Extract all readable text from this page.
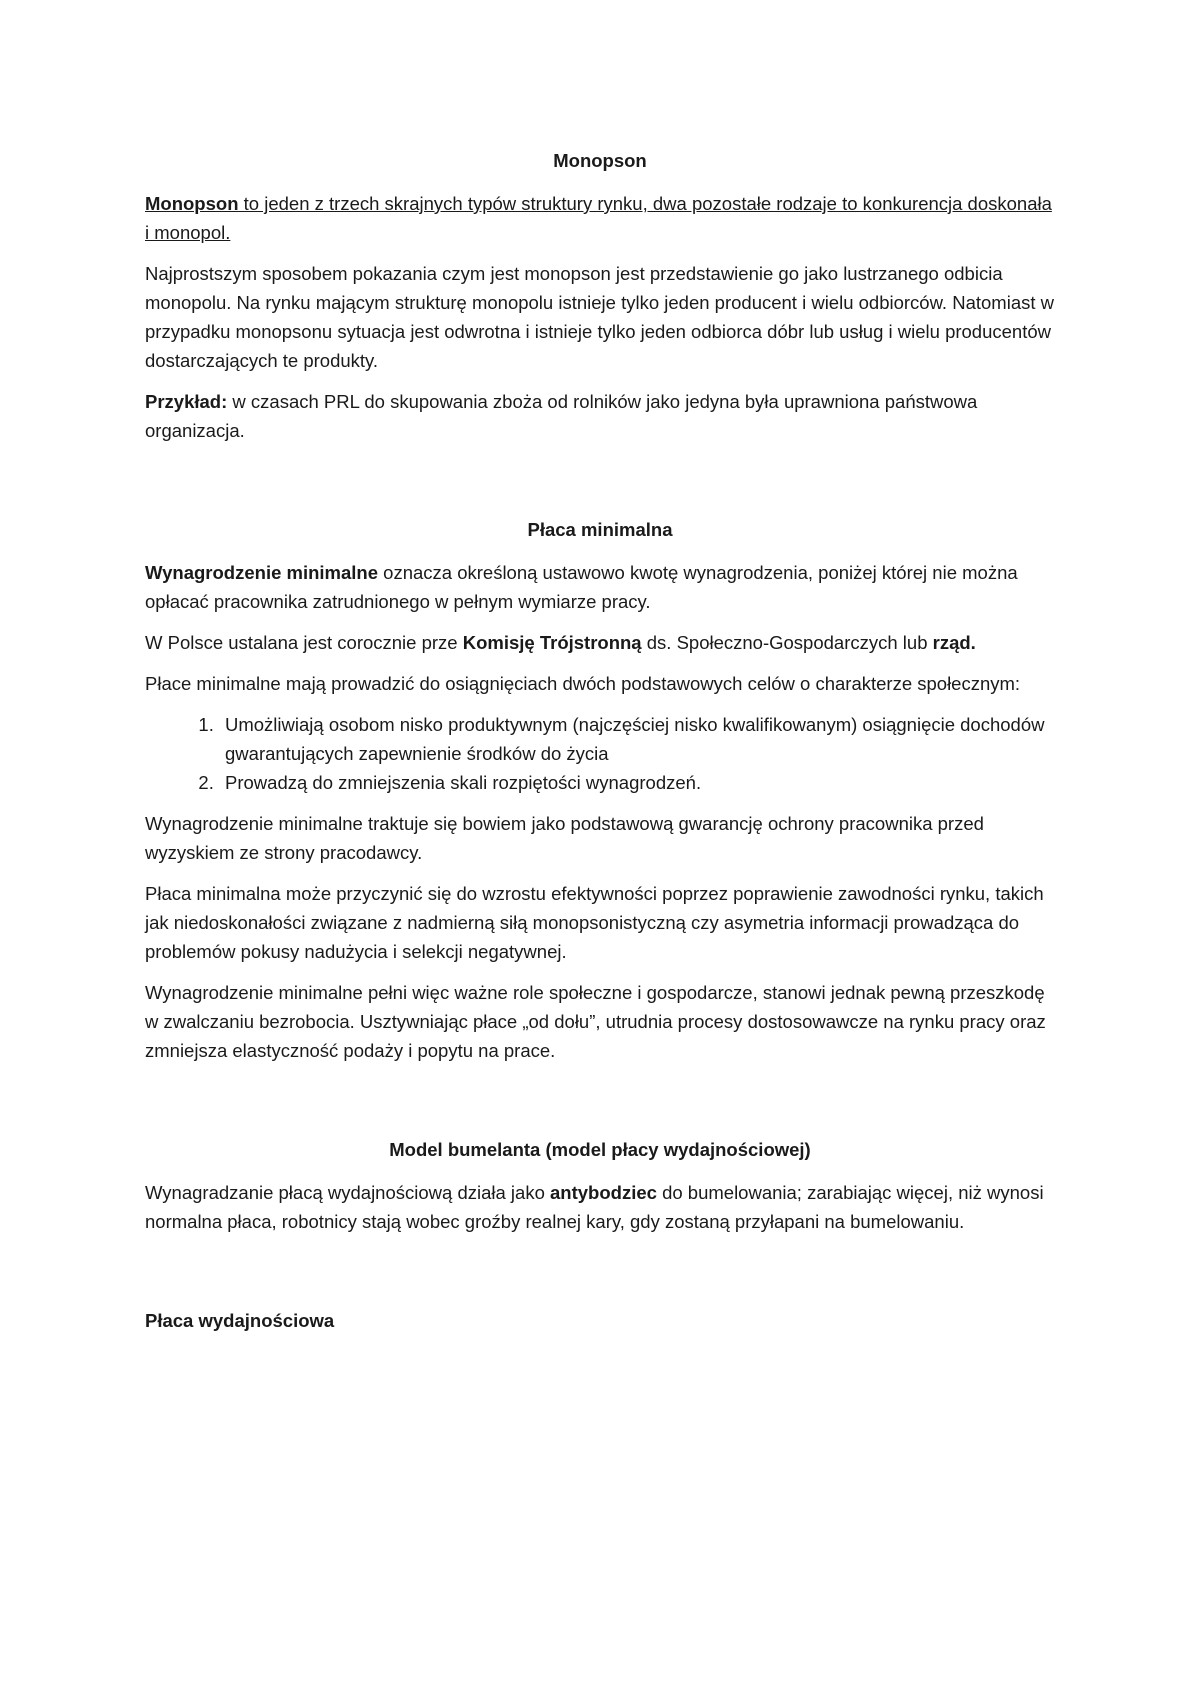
Monopson

Monopson to jeden z trzech skrajnych typów struktury rynku, dwa pozostałe rodzaje to konkurencja doskonała i monopol.

Najprostszym sposobem pokazania czym jest monopson jest przedstawienie go jako lustrzanego odbicia monopolu. Na rynku mającym strukturę monopolu istnieje tylko jeden producent i wielu odbiorców. Natomiast w przypadku monopsonu sytuacja jest odwrotna i istnieje tylko jeden odbiorca dóbr lub usług i wielu producentów dostarczających te produkty.

Przykład: w czasach PRL do skupowania zboża od rolników jako jedyna była uprawniona państwowa organizacja.

Płaca minimalna

Wynagrodzenie minimalne oznacza określoną ustawowo kwotę wynagrodzenia, poniżej której nie można opłacać pracownika zatrudnionego w pełnym wymiarze pracy.

W Polsce ustalana jest corocznie prze Komisję Trójstronną ds. Społeczno-Gospodarczych lub rząd.

Płace minimalne mają prowadzić do osiągnięciach dwóch podstawowych celów o charakterze społecznym:

1. Umożliwiają osobom nisko produktywnym (najczęściej nisko kwalifikowanym) osiągnięcie dochodów gwarantujących zapewnienie środków do życia
2. Prowadzą do zmniejszenia skali rozpiętości wynagrodzeń.

Wynagrodzenie minimalne traktuje się bowiem jako podstawową gwarancję ochrony pracownika przed wyzyskiem ze strony pracodawcy.

Płaca minimalna może przyczynić się do wzrostu efektywności poprzez poprawienie zawodności rynku, takich jak niedoskonałości związane z nadmierną siłą monopsonistyczną czy asymetria informacji prowadząca do problemów pokusy nadużycia i selekcji negatywnej.

Wynagrodzenie minimalne pełni więc ważne role społeczne i gospodarcze, stanowi jednak pewną przeszkodę w zwalczaniu bezrobocia. Usztywniając płace „od dołu”, utrudnia procesy dostosowawcze na rynku pracy oraz zmniejsza elastyczność podaży i popytu na prace.

Model bumelanta (model płacy wydajnościowej)

Wynagradzanie płacą wydajnościową działa jako antybodziec do bumelowania; zarabiając więcej, niż wynosi normalna płaca, robotnicy stają wobec groźby realnej kary, gdy zostaną przyłapani na bumelowaniu.

Płaca wydajnościowa
